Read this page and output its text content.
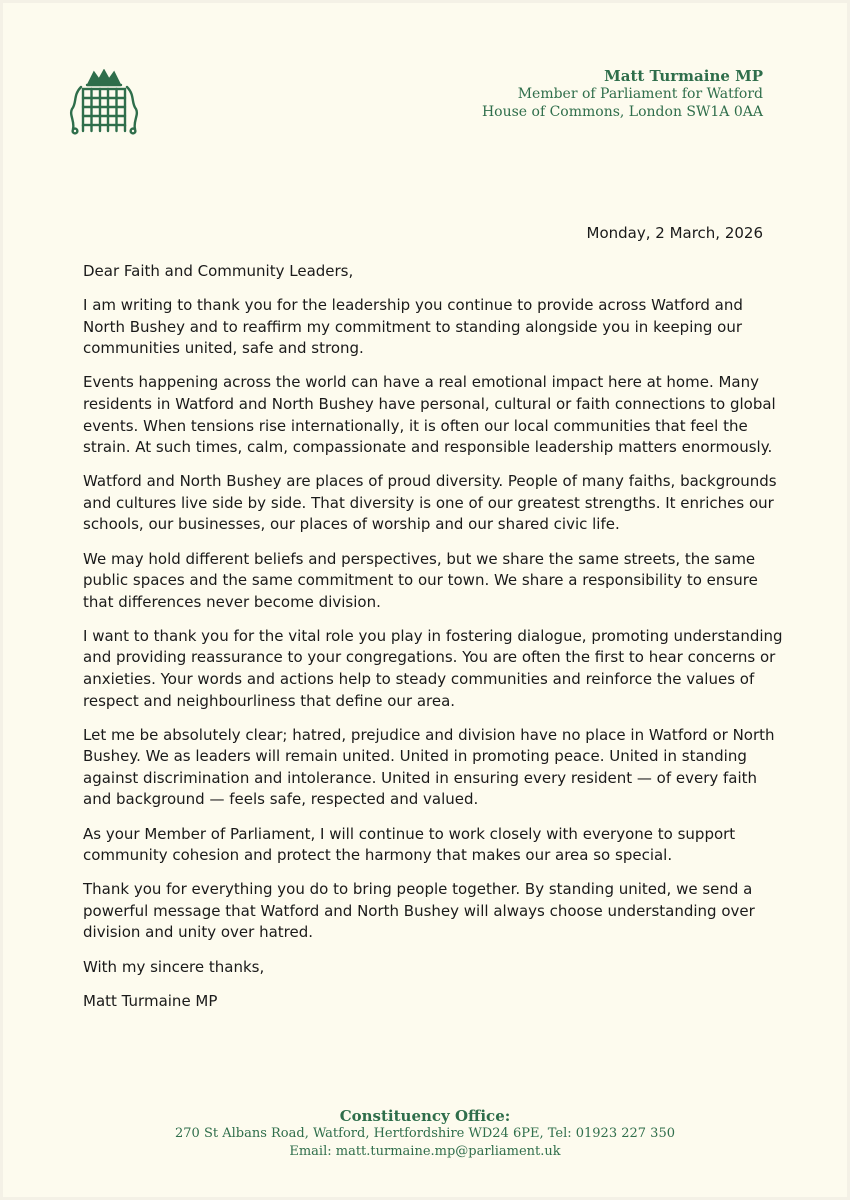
Matt Turmaine MP
Member of Parliament for Watford
House of Commons, London SW1A 0AA
Monday, 2 March, 2026

Dear Faith and Community Leaders,

I am writing to thank you for the leadership you continue to provide across Watford and North Bushey and to reaffirm my commitment to standing alongside you in keeping our communities united, safe and strong.

Events happening across the world can have a real emotional impact here at home. Many residents in Watford and North Bushey have personal, cultural or faith connections to global events. When tensions rise internationally, it is often our local communities that feel the strain. At such times, calm, compassionate and responsible leadership matters enormously.

Watford and North Bushey are places of proud diversity. People of many faiths, backgrounds and cultures live side by side. That diversity is one of our greatest strengths. It enriches our schools, our businesses, our places of worship and our shared civic life.

We may hold different beliefs and perspectives, but we share the same streets, the same public spaces and the same commitment to our town. We share a responsibility to ensure that differences never become division.

I want to thank you for the vital role you play in fostering dialogue, promoting understanding and providing reassurance to your congregations. You are often the first to hear concerns or anxieties. Your words and actions help to steady communities and reinforce the values of respect and neighbourliness that define our area.

Let me be absolutely clear; hatred, prejudice and division have no place in Watford or North Bushey. We as leaders will remain united. United in promoting peace. United in standing against discrimination and intolerance. United in ensuring every resident — of every faith and background — feels safe, respected and valued.

As your Member of Parliament, I will continue to work closely with everyone to support community cohesion and protect the harmony that makes our area so special.

Thank you for everything you do to bring people together. By standing united, we send a powerful message that Watford and North Bushey will always choose understanding over division and unity over hatred.

With my sincere thanks,

Matt Turmaine MP

Constituency Office:
270 St Albans Road, Watford, Hertfordshire WD24 6PE, Tel: 01923 227 350
Email: matt.turmaine.mp@parliament.uk
